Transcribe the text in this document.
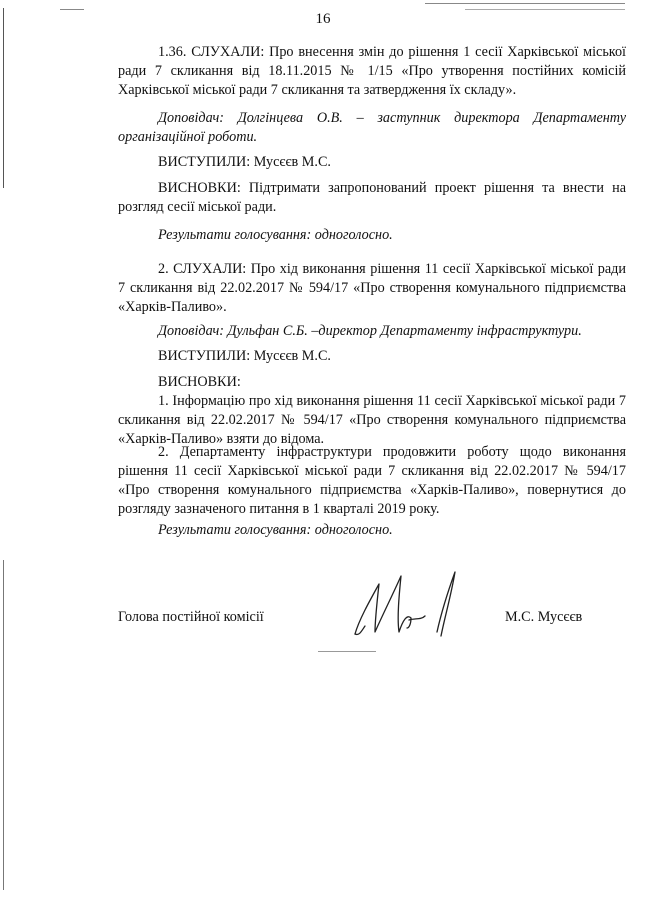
16
1.36. СЛУХАЛИ: Про внесення змін до рішення 1 сесії Харківської міської ради 7 скликання від 18.11.2015 № 1/15 «Про утворення постійних комісій Харківської міської ради 7 скликання та затвердження їх складу».
Доповідач: Долгінцева О.В. – заступник директора Департаменту організаційної роботи.
ВИСТУПИЛИ: Мусєєв М.С.
ВИСНОВКИ: Підтримати запропонований проект рішення та внести на розгляд сесії міської ради.
Результати голосування: одноголосно.
2. СЛУХАЛИ: Про хід виконання рішення 11 сесії Харківської міської ради 7 скликання від 22.02.2017 № 594/17 «Про створення комунального підприємства «Харків-Паливо».
Доповідач: Дульфан С.Б. –директор Департаменту інфраструктури.
ВИСТУПИЛИ: Мусєєв М.С.
ВИСНОВКИ:
1. Інформацію про хід виконання рішення 11 сесії Харківської міської ради 7 скликання від 22.02.2017 № 594/17 «Про створення комунального підприємства «Харків-Паливо» взяти до відома.
2. Департаменту інфраструктури продовжити роботу щодо виконання рішення 11 сесії Харківської міської ради 7 скликання від 22.02.2017 № 594/17 «Про створення комунального підприємства «Харків-Паливо», повернутися до розгляду зазначеного питання в 1 кварталі 2019 року.
Результати голосування: одноголосно.
Голова постійної комісії	М.С. Мусєєв
